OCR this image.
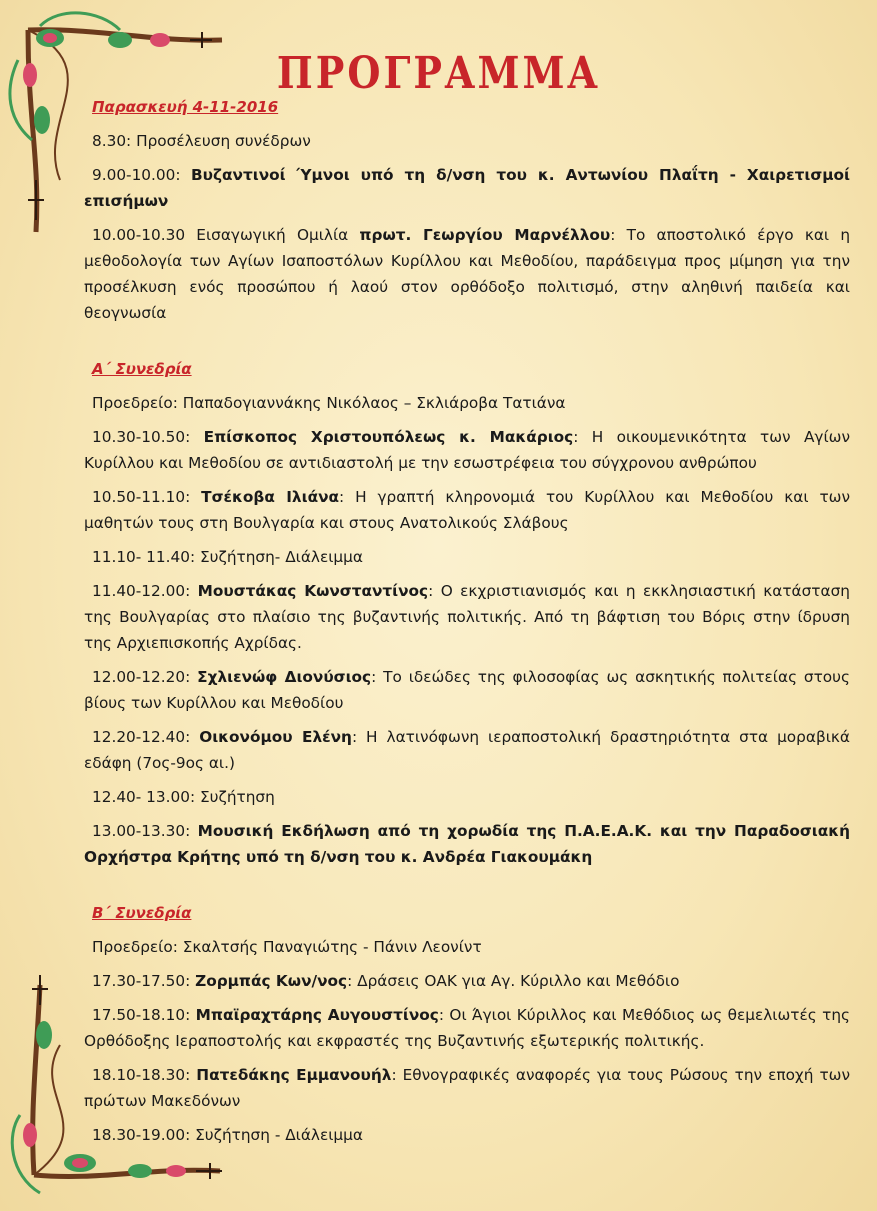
ΠΡΟΓΡΑΜΜΑ
Παρασκευή 4-11-2016

8.30: Προσέλευση συνέδρων

9.00-10.00: Βυζαντινοί Ύμνοι υπό τη δ/νση του κ. Αντωνίου Πλαΐτη - Χαιρετισμοί επισήμων

10.00-10.30 Εισαγωγική Ομιλία πρωτ. Γεωργίου Μαρνέλλου: Το αποστολικό έργο και η μεθοδολογία των Αγίων Ισαποστόλων Κυρίλλου και Μεθοδίου, παράδειγμα προς μίμηση για την προσέλκυση ενός προσώπου ή λαού στον ορθόδοξο πολιτισμό, στην αληθινή παιδεία και θεογνωσία

Α΄ Συνεδρία

Προεδρείο: Παπαδογιαννάκης Νικόλαος – Σκλιάροβα Τατιάνα

10.30-10.50: Επίσκοπος Χριστουπόλεως κ. Μακάριος: Η οικουμενικότητα των Αγίων Κυρίλλου και Μεθοδίου σε αντιδιαστολή με την εσωστρέφεια του σύγχρονου ανθρώπου

10.50-11.10: Τσέκοβα Ιλιάνα: Η γραπτή κληρονομιά του Κυρίλλου και Μεθοδίου και των μαθητών τους στη Βουλγαρία και στους Ανατολικούς Σλάβους

11.10- 11.40: Συζήτηση- Διάλειμμα

11.40-12.00: Μουστάκας Κωνσταντίνος: Ο εκχριστιανισμός και η εκκλησιαστική κατάσταση της Βουλγαρίας στο πλαίσιο της βυζαντινής πολιτικής. Από τη βάφτιση του Βόρις στην ίδρυση της Αρχιεπισκοπής Αχρίδας.

12.00-12.20: Σχλιενώφ Διονύσιος: Το ιδεώδες της φιλοσοφίας ως ασκητικής πολιτείας στους βίους των Κυρίλλου και Μεθοδίου

12.20-12.40: Οικονόμου Ελένη: Η λατινόφωνη ιεραποστολική δραστηριότητα στα μοραβικά εδάφη (7ος-9ος αι.)

12.40- 13.00: Συζήτηση

13.00-13.30: Μουσική Εκδήλωση από τη χορωδία της Π.Α.Ε.Α.Κ. και την Παραδοσιακή Ορχήστρα Κρήτης υπό τη δ/νση του κ. Ανδρέα Γιακουμάκη

Β΄ Συνεδρία

Προεδρείο: Σκαλτσής Παναγιώτης - Πάνιν Λεονίντ

17.30-17.50: Ζορμπάς Κων/νος: Δράσεις ΟΑΚ για Αγ. Κύριλλο και Μεθόδιο

17.50-18.10: Μπαϊραχτάρης Αυγουστίνος: Οι Άγιοι Κύριλλος και Μεθόδιος ως θεμελιωτές της Ορθόδοξης Ιεραποστολής και εκφραστές της Βυζαντινής εξωτερικής πολιτικής.

18.10-18.30: Πατεδάκης Εμμανουήλ: Εθνογραφικές αναφορές για τους Ρώσους την εποχή των πρώτων Μακεδόνων

18.30-19.00: Συζήτηση - Διάλειμμα
